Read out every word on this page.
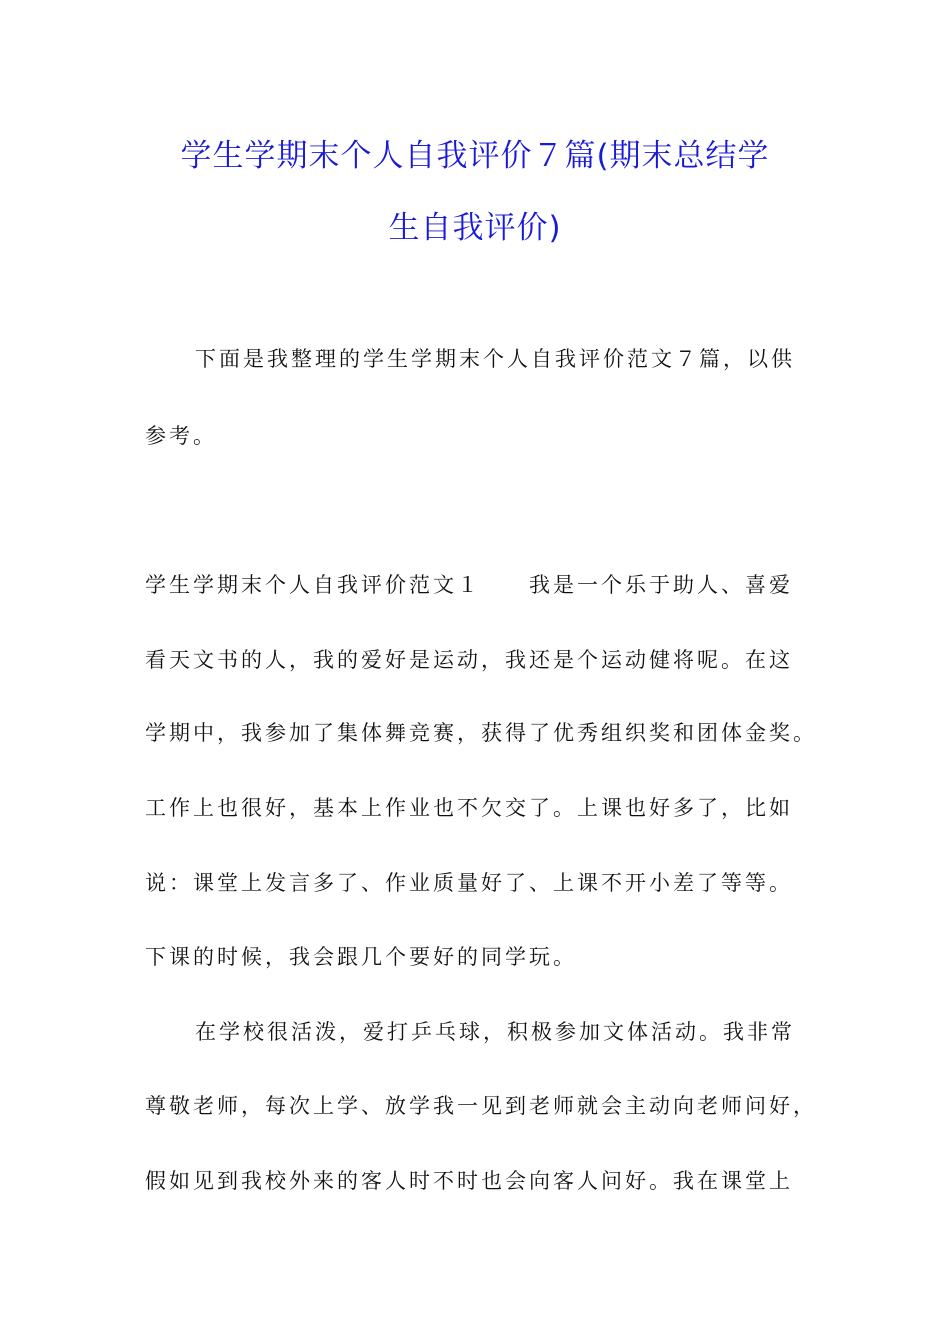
学生学期末个人自我评价７篇(期末总结学
生自我评价)
下面是我整理的学生学期末个人自我评价范文７篇，以供
参考。
学生学期末个人自我评价范文１　　我是一个乐于助人、喜爱
看天文书的人，我的爱好是运动，我还是个运动健将呢。在这
学期中，我参加了集体舞竞赛，获得了优秀组织奖和团体金奖。
工作上也很好，基本上作业也不欠交了。上课也好多了，比如
说：课堂上发言多了、作业质量好了、上课不开小差了等等。
下课的时候，我会跟几个要好的同学玩。
在学校很活泼，爱打乒乓球，积极参加文体活动。我非常
尊敬老师，每次上学、放学我一见到老师就会主动向老师问好，
假如见到我校外来的客人时不时也会向客人问好。我在课堂上
